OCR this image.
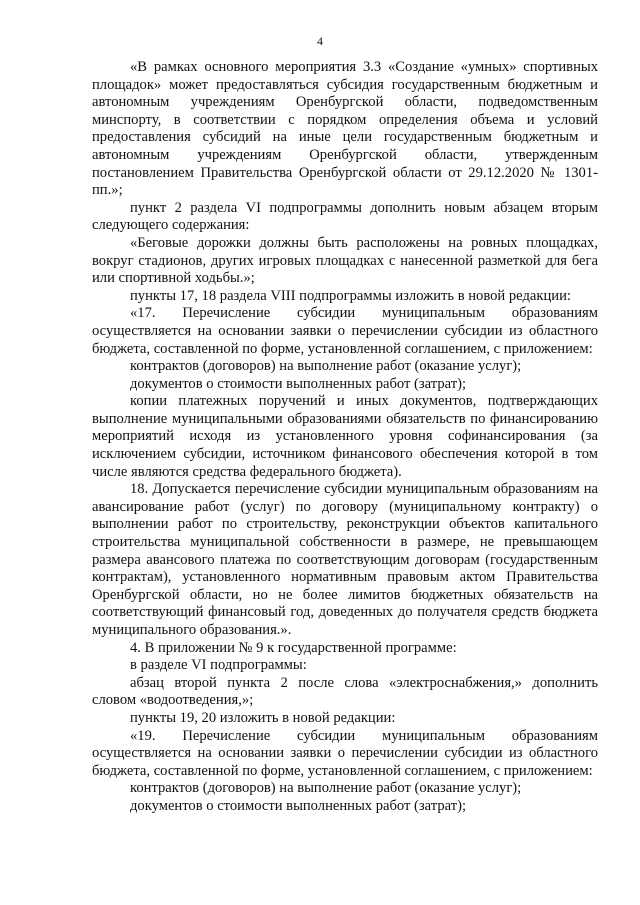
4

«В рамках основного мероприятия 3.3 «Создание «умных» спортивных площадок» может предоставляться субсидия государственным бюджетным и автономным учреждениям Оренбургской области, подведомственным минспорту, в соответствии с порядком определения объема и условий предоставления субсидий на иные цели государственным бюджетным и автономным учреждениям Оренбургской области, утвержденным постановлением Правительства Оренбургской области от 29.12.2020 № 1301-пп.»;

пункт 2 раздела VI подпрограммы дополнить новым абзацем вторым следующего содержания:

«Беговые дорожки должны быть расположены на ровных площадках, вокруг стадионов, других игровых площадках с нанесенной разметкой для бега или спортивной ходьбы.»;

пункты 17, 18 раздела VIII подпрограммы изложить в новой редакции:

«17. Перечисление субсидии муниципальным образованиям осуществляется на основании заявки о перечислении субсидии из областного бюджета, составленной по форме, установленной соглашением, с приложением:

контрактов (договоров) на выполнение работ (оказание услуг);

документов о стоимости выполненных работ (затрат);

копии платежных поручений и иных документов, подтверждающих выполнение муниципальными образованиями обязательств по финансированию мероприятий исходя из установленного уровня софинансирования (за исключением субсидии, источником финансового обеспечения которой в том числе являются средства федерального бюджета).

18. Допускается перечисление субсидии муниципальным образованиям на авансирование работ (услуг) по договору (муниципальному контракту) о выполнении работ по строительству, реконструкции объектов капитального строительства муниципальной собственности в размере, не превышающем размера авансового платежа по соответствующим договорам (государственным контрактам), установленного нормативным правовым актом Правительства Оренбургской области, но не более лимитов бюджетных обязательств на соответствующий финансовый год, доведенных до получателя средств бюджета муниципального образования.».

4. В приложении № 9 к государственной программе:

в разделе VI подпрограммы:

абзац второй пункта 2 после слова «электроснабжения,» дополнить словом «водоотведения,»;

пункты 19, 20 изложить в новой редакции:

«19. Перечисление субсидии муниципальным образованиям осуществляется на основании заявки о перечислении субсидии из областного бюджета, составленной по форме, установленной соглашением, с приложением:

контрактов (договоров) на выполнение работ (оказание услуг);

документов о стоимости выполненных работ (затрат);
